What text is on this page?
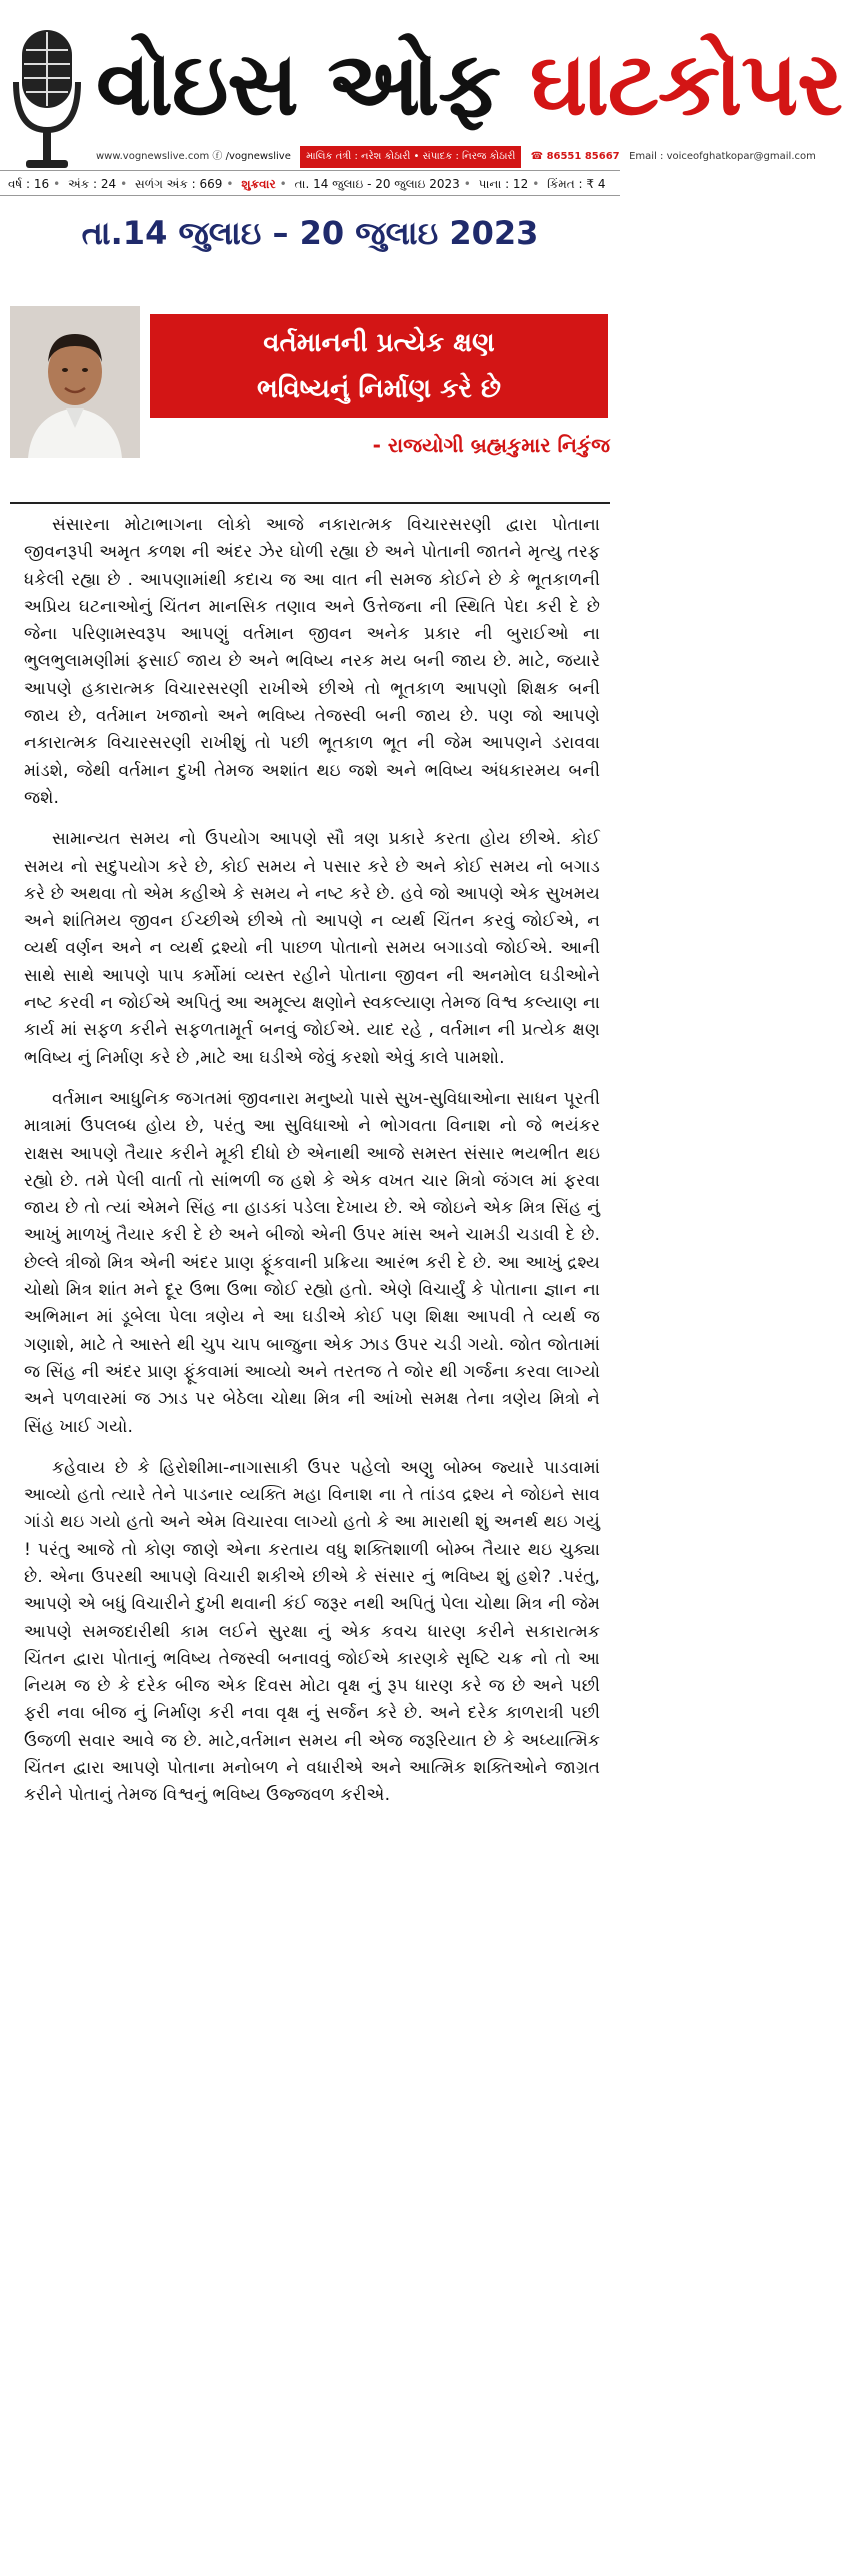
વોઇસ ઓફ ઘાટકોપર
www.vognewslive.com ⓕ /vognewslive માલિક તંત્રી : નરેશ કોઠારી • સંપાદક : નિરજ કોઠારી ☎ 86551 85667 Email : voiceofghatkopar@gmail.com
વર્ષ : 16 • અંક : 24 • સળંગ અંક : 669 • શુક્રવાર • તા. 14 જુલાઇ - 20 જુલાઇ 2023 • પાના : 12 • કિંમત : ₹ 4
તા.14 જુલાઇ – 20 જુલાઇ 2023
વર્તમાનની પ્રત્યેક ક્ષણ
ભવિષ્યનું નિર્માણ કરે છે
- રાજયોગી બ્રહ્મકુમાર નિકુંજ

સંસારના મોટાભાગના લોકો આજે નકારાત્મક વિચારસરણી દ્વારા પોતાના જીવનરૂપી અમૃત કળશ ની અંદર ઝેર ઘોળી રહ્યા છે અને પોતાની જાતને મૃત્યુ તરફ ધકેલી રહ્યા છે . આપણામાંથી કદાચ જ આ વાત ની સમજ કોઈને છે કે ભૂતકાળની અપ્રિય ઘટનાઓનું ચિંતન માનસિક તણાવ અને ઉત્તેજના ની સ્થિતિ પેદા કરી દે છે જેના પરિણામસ્વરૂપ આપણું વર્તમાન જીવન અનેક પ્રકાર ની બુરાઈઓ ના ભુલભુલામણીમાં ફસાઈ જાય છે અને ભવિષ્ય નરક મય બની જાય છે. માટે, જયારે આપણે હકારાત્મક વિચારસરણી રાખીએ છીએ તો ભૂતકાળ આપણો શિક્ષક બની જાય છે, વર્તમાન ખજાનો અને ભવિષ્ય તેજસ્વી બની જાય છે. પણ જો આપણે નકારાત્મક વિચારસરણી રાખીશું તો પછી ભૂતકાળ ભૂત ની જેમ આપણને ડરાવવા માંડશે, જેથી વર્તમાન દુખી તેમજ અશાંત થઇ જશે અને ભવિષ્ય અંધકારમય બની જશે.

સામાન્યત સમય નો ઉપયોગ આપણે સૌ ત્રણ પ્રકારે કરતા હોય છીએ. કોઈ સમય નો સદુપયોગ કરે છે, કોઈ સમય ને પસાર કરે છે અને કોઈ સમય નો બગાડ કરે છે અથવા તો એમ કહીએ કે સમય ને નષ્ટ કરે છે. હવે જો આપણે એક સુખમય અને શાંતિમય જીવન ઈચ્છીએ છીએ તો આપણે ન વ્યર્થ ચિંતન કરવું જોઈએ, ન વ્યર્થ વર્ણન અને ન વ્યર્થ દ્રશ્યો ની પાછળ પોતાનો સમય બગાડવો જોઈએ. આની સાથે સાથે આપણે પાપ કર્મોમાં વ્યસ્ત રહીને પોતાના જીવન ની અનમોલ ઘડીઓને નષ્ટ કરવી ન જોઈએ અપિતું આ અમૂલ્ય ક્ષણોને સ્વકલ્યાણ તેમજ વિશ્વ કલ્યાણ ના કાર્ય માં સફળ કરીને સફળતામૂર્ત બનવું જોઈએ. યાદ રહે , વર્તમાન ની પ્રત્યેક ક્ષણ ભવિષ્ય નું નિર્માણ કરે છે ,માટે આ ઘડીએ જેવું કરશો એવું કાલે પામશો.

વર્તમાન આધુનિક જગતમાં જીવનારા મનુષ્યો પાસે સુખ-સુવિધાઓના સાધન પૂરતી માત્રામાં ઉપલબ્ધ હોય છે, પરંતુ આ સુવિધાઓ ને ભોગવતા વિનાશ નો જે ભયંકર રાક્ષસ આપણે તૈયાર કરીને મૂકી દીધો છે એનાથી આજે સમસ્ત સંસાર ભયભીત થઇ રહ્યો છે. તમે પેલી વાર્તા તો સાંભળી જ હશે કે એક વખત ચાર મિત્રો જંગલ માં ફરવા જાય છે તો ત્યાં એમને સિંહ ના હાડકાં પડેલા દેખાય છે. એ જોઇને એક મિત્ર સિંહ નું આખું માળખું તૈયાર કરી દે છે અને બીજો એની ઉપર માંસ અને ચામડી ચડાવી દે છે. છેલ્લે ત્રીજો મિત્ર એની અંદર પ્રાણ ફૂંકવાની પ્રક્રિયા આરંભ કરી દે છે. આ આખું દ્રશ્ય ચોથો મિત્ર શાંત મને દૂર ઉભા ઉભા જોઈ રહ્યો હતો. એણે વિચાર્યું કે પોતાના જ્ઞાન ના અભિમાન માં ડૂબેલા પેલા ત્રણેય ને આ ઘડીએ કોઈ પણ શિક્ષા આપવી તે વ્યર્થ જ ગણાશે, માટે તે આસ્તે થી ચુપ ચાપ બાજુના એક ઝાડ ઉપર ચડી ગયો. જોત જોતામાં જ સિંહ ની અંદર પ્રાણ ફૂંકવામાં આવ્યો અને તરતજ તે જોર થી ગર્જના કરવા લાગ્યો અને પળવારમાં જ ઝાડ પર બેઠેલા ચોથા મિત્ર ની આંખો સમક્ષ તેના ત્રણેય મિત્રો ને સિંહ ખાઈ ગયો.

કહેવાય છે કે હિરોશીમા-નાગાસાકી ઉપર પહેલો અણુ બોમ્બ જ્યારે પાડવામાં આવ્યો હતો ત્યારે તેને પાડનાર વ્યક્તિ મહા વિનાશ ના તે તાંડવ દ્રશ્ય ને જોઇને સાવ ગાંડો થઇ ગયો હતો અને એમ વિચારવા લાગ્યો હતો કે આ મારાથી શું અનર્થ થઇ ગયું ! પરંતુ આજે તો કોણ જાણે એના કરતાય વધુ શક્તિશાળી બોમ્બ તૈયાર થઇ ચુક્યા છે. એના ઉપરથી આપણે વિચારી શકીએ છીએ કે સંસાર નું ભવિષ્ય શું હશે? .પરંતુ, આપણે એ બધું વિચારીને દુખી થવાની કંઈ જરૂર નથી અપિતું પેલા ચોથા મિત્ર ની જેમ આપણે સમજદારીથી કામ લઈને સુરક્ષા નું એક કવચ ધારણ કરીને સકારાત્મક ચિંતન દ્વારા પોતાનું ભવિષ્ય તેજસ્વી બનાવવું જોઈએ કારણકે સૃષ્ટિ ચક્ર નો તો આ નિયમ જ છે કે દરેક બીજ એક દિવસ મોટા વૃક્ષ નું રૂપ ધારણ કરે જ છે અને પછી ફરી નવા બીજ નું નિર્માણ કરી નવા વૃક્ષ નું સર્જન કરે છે. અને દરેક કાળરાત્રી પછી ઉજળી સવાર આવે જ છે. માટે,વર્તમાન સમય ની એજ જરૂરિયાત છે કે અધ્યાત્મિક ચિંતન દ્વારા આપણે પોતાના મનોબળ ને વધારીએ અને આત્મિક શક્તિઓને જાગ્રત કરીને પોતાનું તેમજ વિશ્વનું ભવિષ્ય ઉજ્જવળ કરીએ.
